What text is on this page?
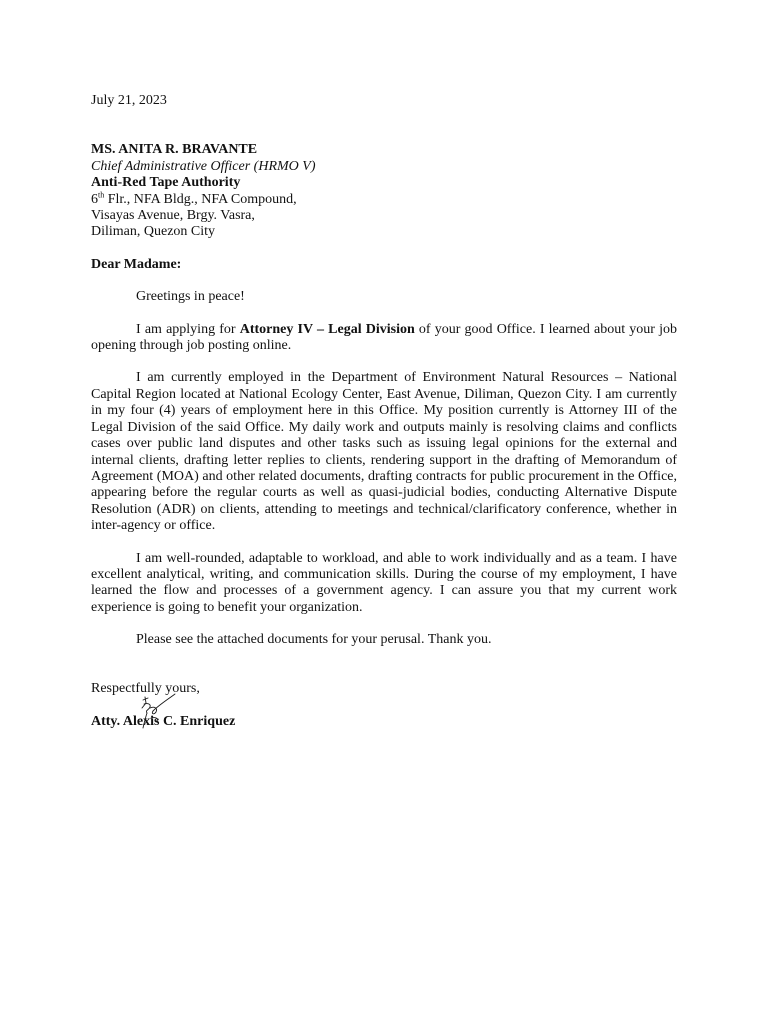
July 21, 2023
MS. ANITA R. BRAVANTE
Chief Administrative Officer (HRMO V)
Anti-Red Tape Authority
6th Flr., NFA Bldg., NFA Compound,
Visayas Avenue, Brgy. Vasra,
Diliman, Quezon City
Dear Madame:

Greetings in peace!

I am applying for Attorney IV – Legal Division of your good Office. I learned about your job opening through job posting online.

I am currently employed in the Department of Environment Natural Resources – National Capital Region located at National Ecology Center, East Avenue, Diliman, Quezon City. I am currently in my four (4) years of employment here in this Office. My position currently is Attorney III of the Legal Division of the said Office. My daily work and outputs mainly is resolving claims and conflicts cases over public land disputes and other tasks such as issuing legal opinions for the external and internal clients, drafting letter replies to clients, rendering support in the drafting of Memorandum of Agreement (MOA) and other related documents, drafting contracts for public procurement in the Office, appearing before the regular courts as well as quasi-judicial bodies, conducting Alternative Dispute Resolution (ADR) on clients, attending to meetings and technical/clarificatory conference, whether in inter-agency or office.

I am well-rounded, adaptable to workload, and able to work individually and as a team. I have excellent analytical, writing, and communication skills. During the course of my employment, I have learned the flow and processes of a government agency. I can assure you that my current work experience is going to benefit your organization.

Please see the attached documents for your perusal. Thank you.

Respectfully yours,
Atty. Alexis C. Enriquez
